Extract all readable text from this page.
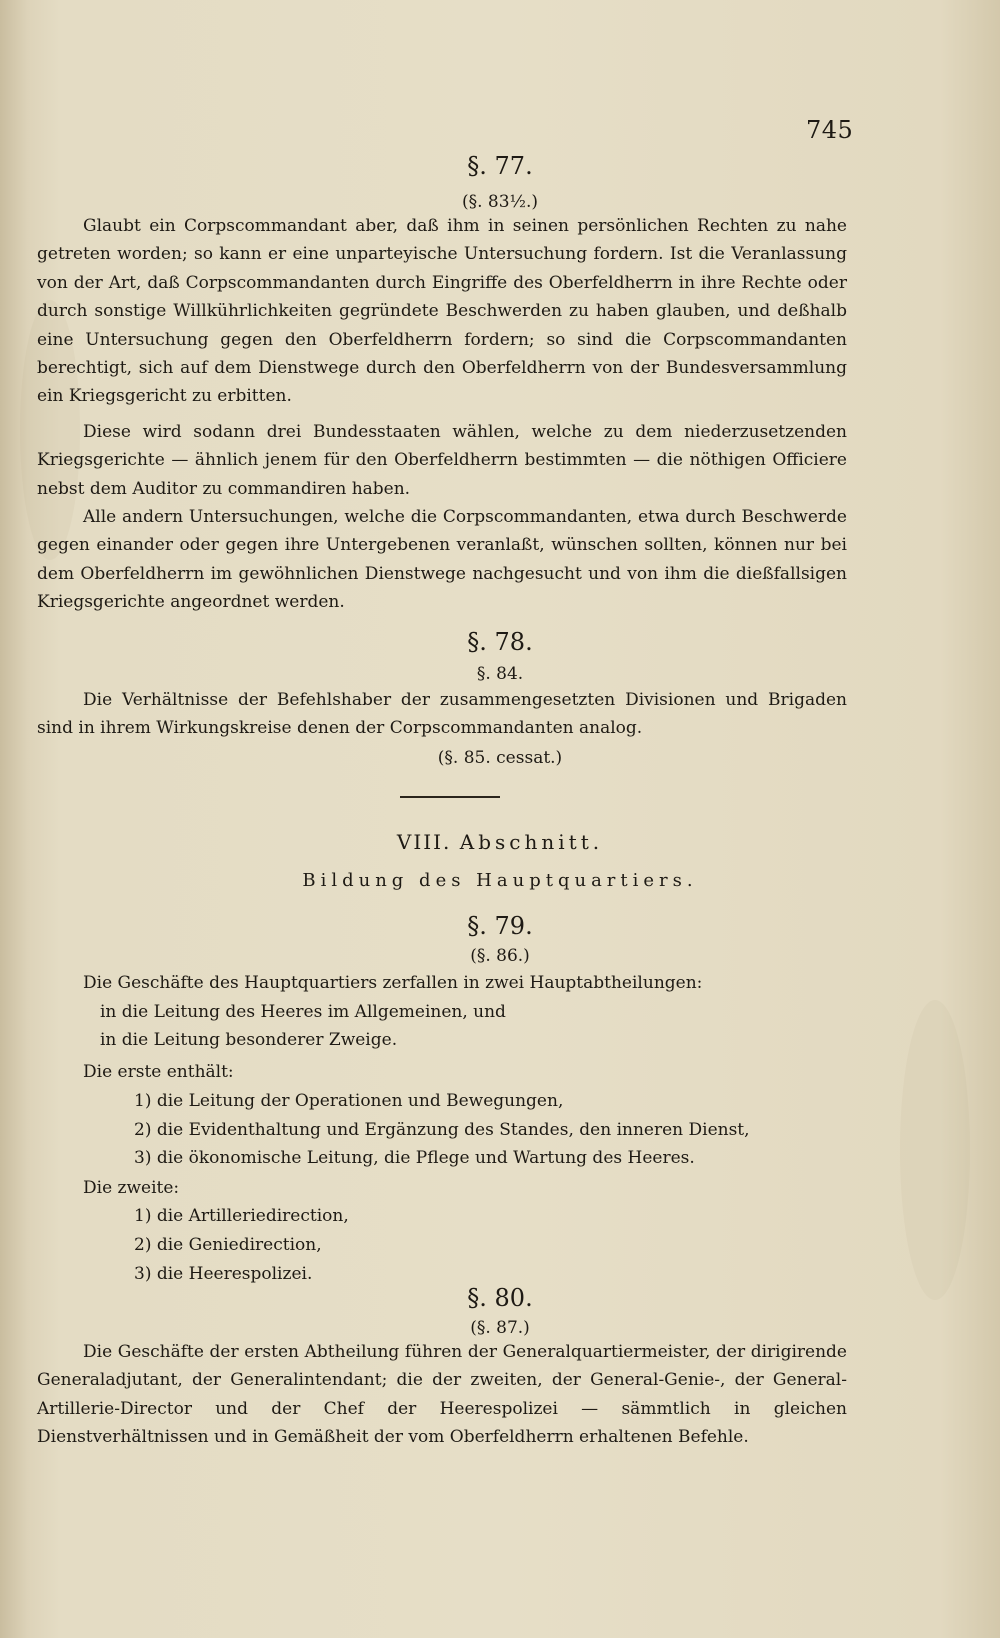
745
§. 77.
(§. 83½.)

Glaubt ein Corpscommandant aber, daß ihm in seinen persönlichen Rechten zu nahe getreten worden; so kann er eine unparteyische Untersuchung fordern. Ist die Veranlassung von der Art, daß Corpscommandanten durch Eingriffe des Oberfeldherrn in ihre Rechte oder durch sonstige Willkührlichkeiten gegründete Beschwerden zu haben glauben, und deßhalb eine Untersuchung gegen den Oberfeldherrn fordern; so sind die Corpscommandanten berechtigt, sich auf dem Dienstwege durch den Oberfeldherrn von der Bundesversammlung ein Kriegsgericht zu erbitten.

Diese wird sodann drei Bundesstaaten wählen, welche zu dem niederzusetzenden Kriegsgerichte — ähnlich jenem für den Oberfeldherrn bestimmten — die nöthigen Officiere nebst dem Auditor zu commandiren haben.

Alle andern Untersuchungen, welche die Corpscommandanten, etwa durch Beschwerde gegen einander oder gegen ihre Untergebenen veranlaßt, wünschen sollten, können nur bei dem Oberfeldherrn im gewöhnlichen Dienstwege nachgesucht und von ihm die dießfallsigen Kriegsgerichte angeordnet werden.

§. 78.
§. 84.

Die Verhältnisse der Befehlshaber der zusammengesetzten Divisionen und Brigaden sind in ihrem Wirkungskreise denen der Corpscommandanten analog.

(§. 85. cessat.)
VIII. Abschnitt.
Bildung des Hauptquartiers.
§. 79.
(§. 86.)
Die Geschäfte des Hauptquartiers zerfallen in zwei Hauptabtheilungen:
in die Leitung des Heeres im Allgemeinen, und
in die Leitung besonderer Zweige.
Die erste enthält:
1) die Leitung der Operationen und Bewegungen,
2) die Evidenthaltung und Ergänzung des Standes, den inneren Dienst,
3) die ökonomische Leitung, die Pflege und Wartung des Heeres.
Die zweite:
1) die Artilleriedirection,
2) die Geniedirection,
3) die Heerespolizei.
§. 80.
(§. 87.)

Die Geschäfte der ersten Abtheilung führen der Generalquartiermeister, der dirigirende Generaladjutant, der Generalintendant; die der zweiten, der General-Genie-, der General-Artillerie-Director und der Chef der Heerespolizei — sämmtlich in gleichen Dienstverhältnissen und in Gemäßheit der vom Oberfeldherrn erhaltenen Befehle.
